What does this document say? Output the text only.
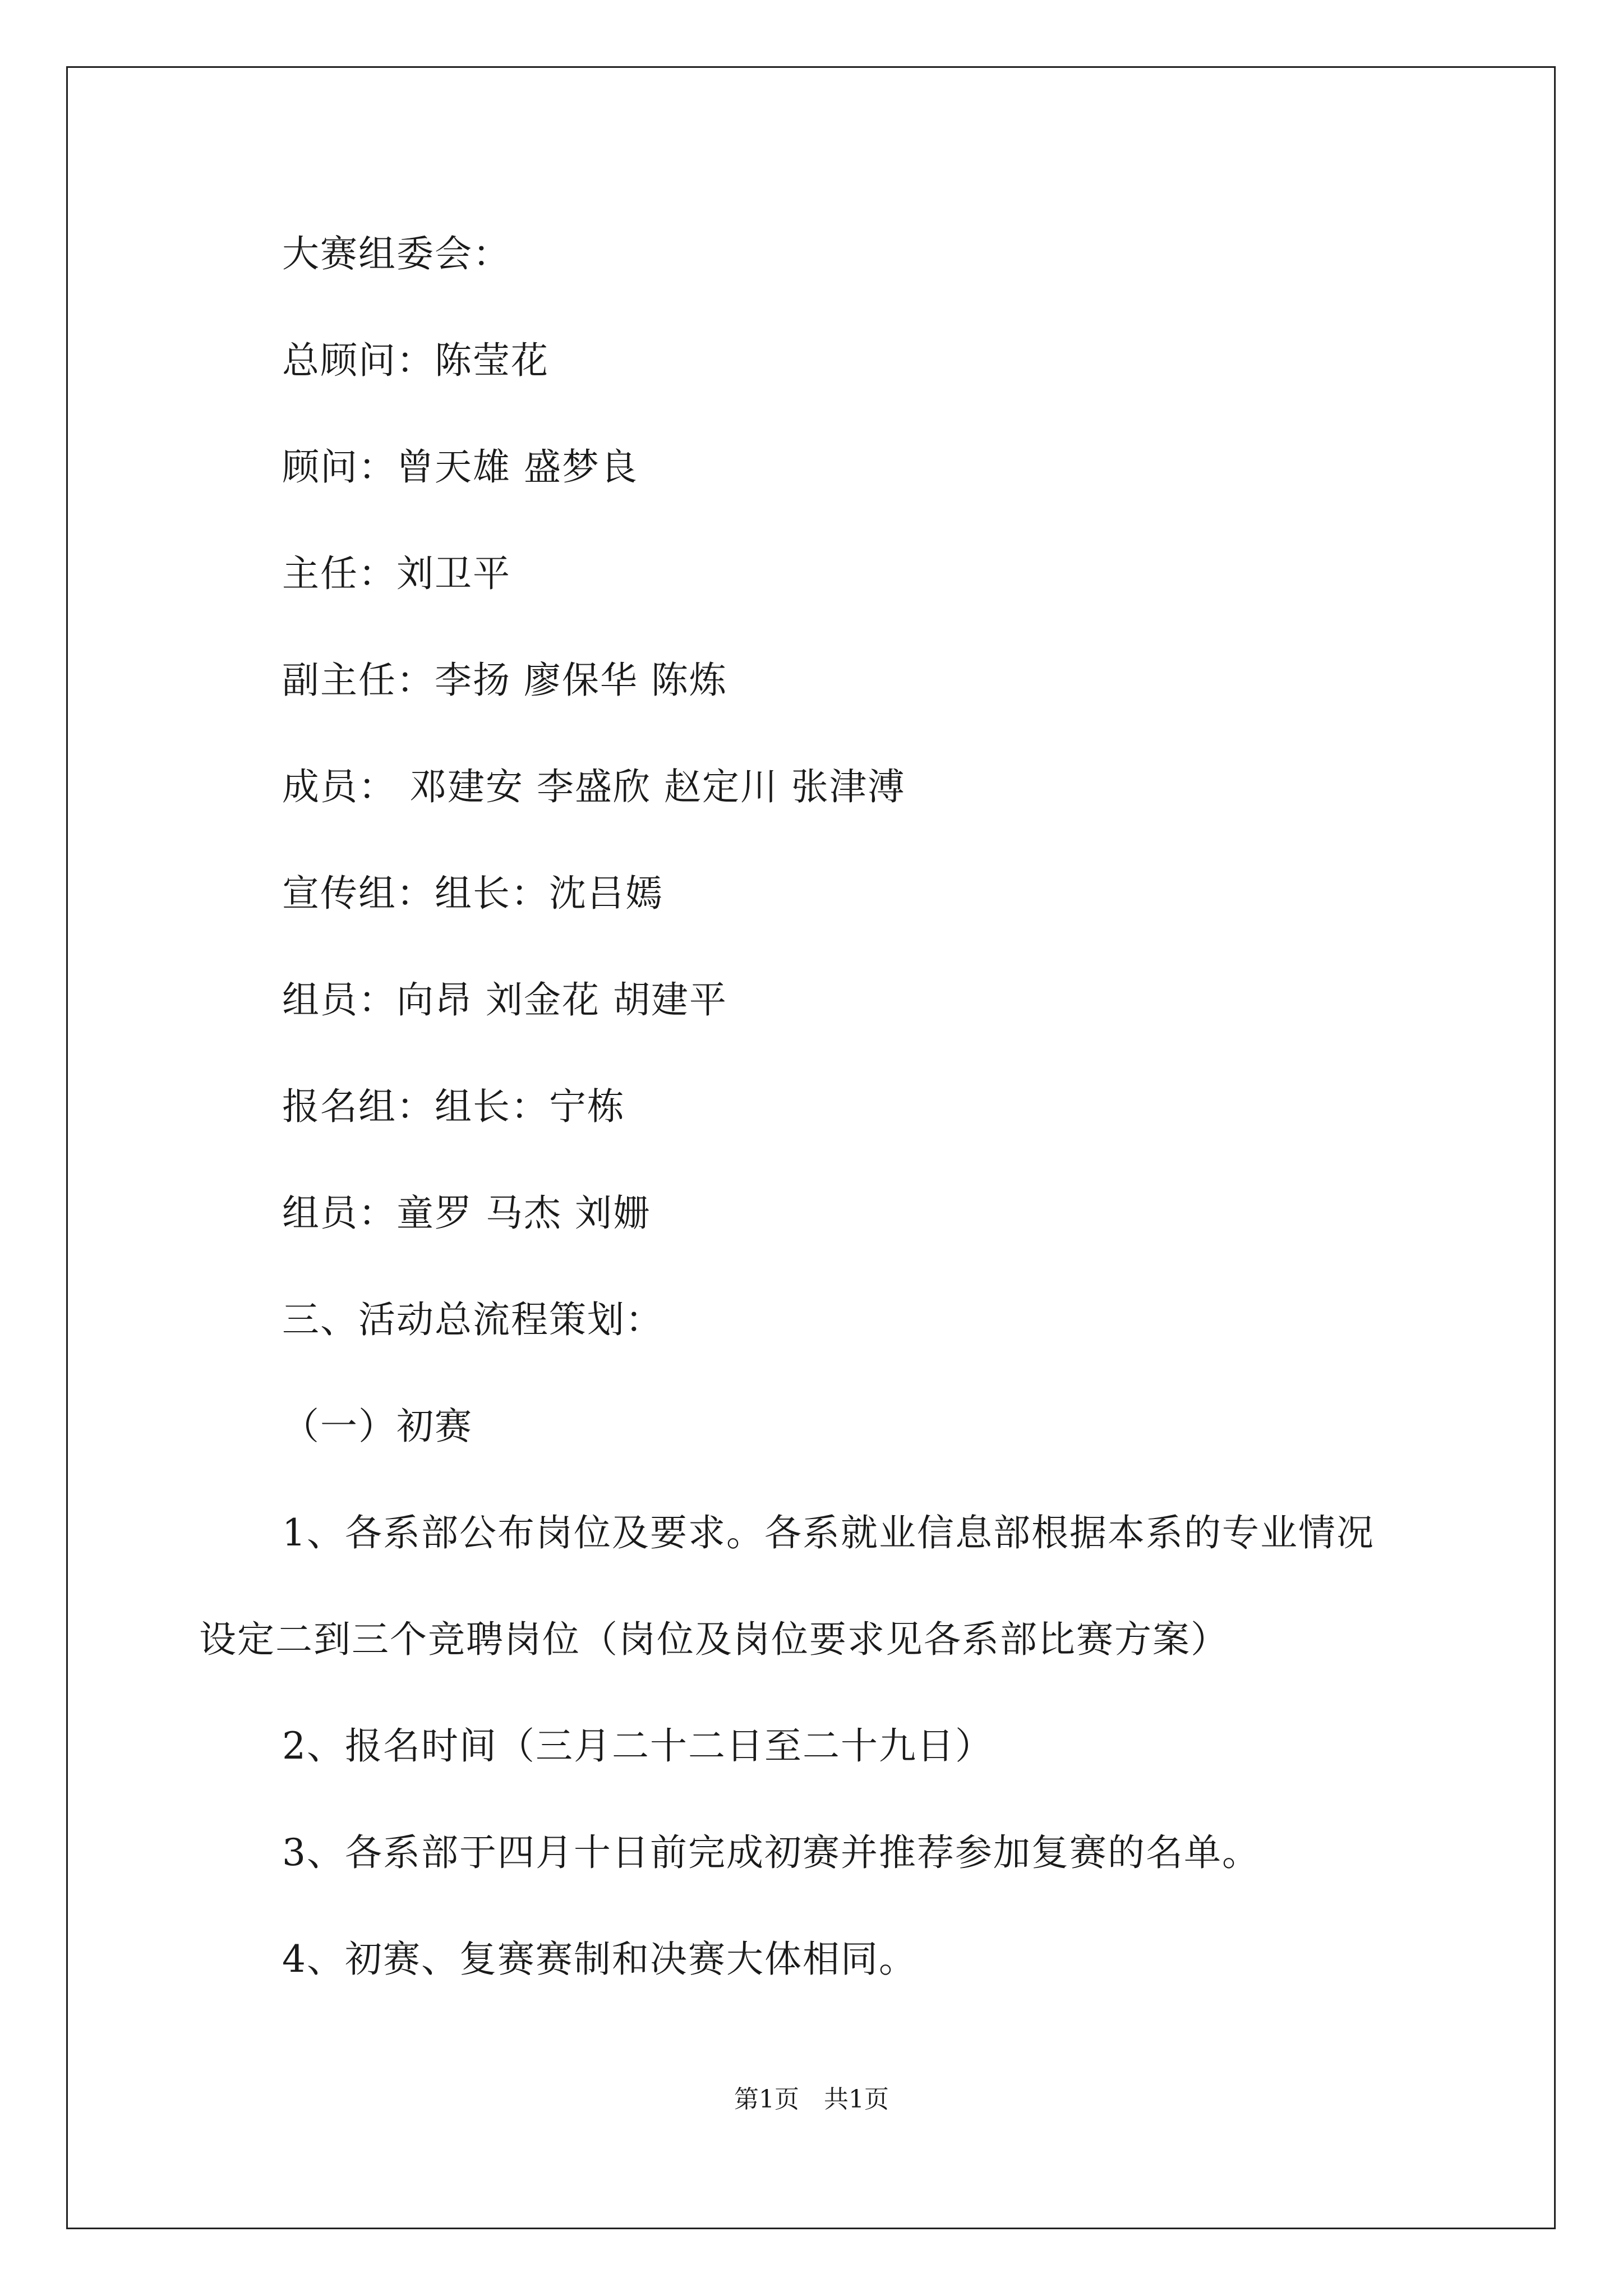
大赛组委会：
总顾问：陈莹花
顾问：曾天雄 盛梦良
主任：刘卫平
副主任：李扬 廖保华 陈炼
成员： 邓建安 李盛欣 赵定川 张津溥
宣传组：组长：沈吕嫣
组员：向昂 刘金花 胡建平
报名组：组长：宁栋
组员：童罗 马杰 刘姗
三、活动总流程策划：
（一）初赛
1、各系部公布岗位及要求。各系就业信息部根据本系的专业情况
设定二到三个竞聘岗位（岗位及岗位要求见各系部比赛方案）
2、报名时间（三月二十二日至二十九日）
3、各系部于四月十日前完成初赛并推荐参加复赛的名单。
4、初赛、复赛赛制和决赛大体相同。
第1页　共1页
